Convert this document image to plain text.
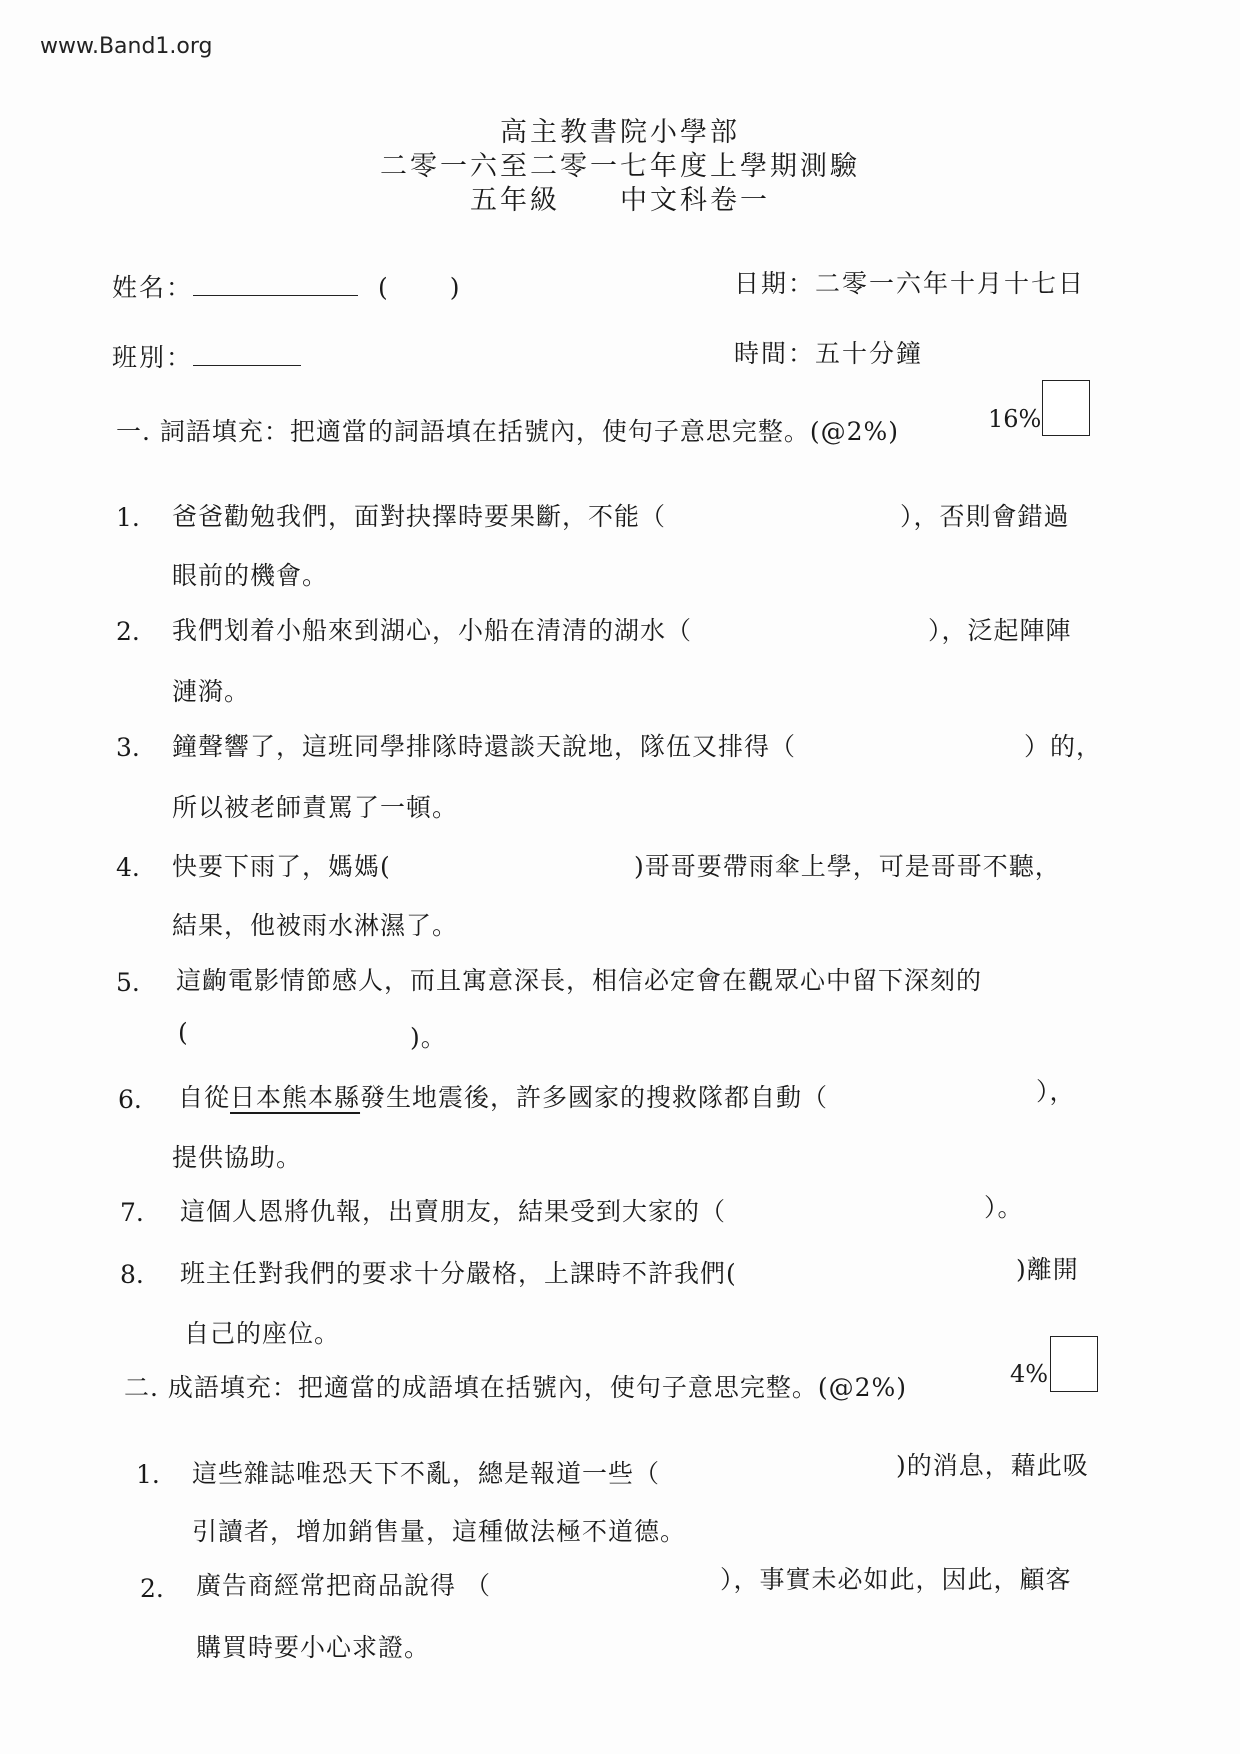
www.Band1.org
高主教書院小學部
二零一六至二零一七年度上學期測驗
五年級 中文科卷一
姓名：	( )	日期：二零一六年十月十七日
班別：	時間：五十分鐘
一. 詞語填充：把適當的詞語填在括號內，使句子意思完整。(@2%)	16%
1. 爸爸勸勉我們，面對抉擇時要果斷，不能（	），否則會錯過
眼前的機會。
2. 我們划着小船來到湖心，小船在清清的湖水（	），泛起陣陣
漣漪。
3. 鐘聲響了，這班同學排隊時還談天說地，隊伍又排得（	）的，
所以被老師責罵了一頓。
4. 快要下雨了，媽媽(	)哥哥要帶雨傘上學，可是哥哥不聽，
結果，他被雨水淋濕了。
5. 這齣電影情節感人，而且寓意深長，相信必定會在觀眾心中留下深刻的
(	)。
6. 自從日本熊本縣發生地震後，許多國家的搜救隊都自動（	），
提供協助。
7. 這個人恩將仇報，出賣朋友，結果受到大家的（	）。
8. 班主任對我們的要求十分嚴格，上課時不許我們(	)離開
自己的座位。
二. 成語填充：把適當的成語填在括號內，使句子意思完整。(@2%)	4%
1. 這些雜誌唯恐天下不亂，總是報道一些（	)的消息，藉此吸
引讀者，增加銷售量，這種做法極不道德。
2. 廣告商經常把商品說得 （	），事實未必如此，因此，顧客
購買時要小心求證。
